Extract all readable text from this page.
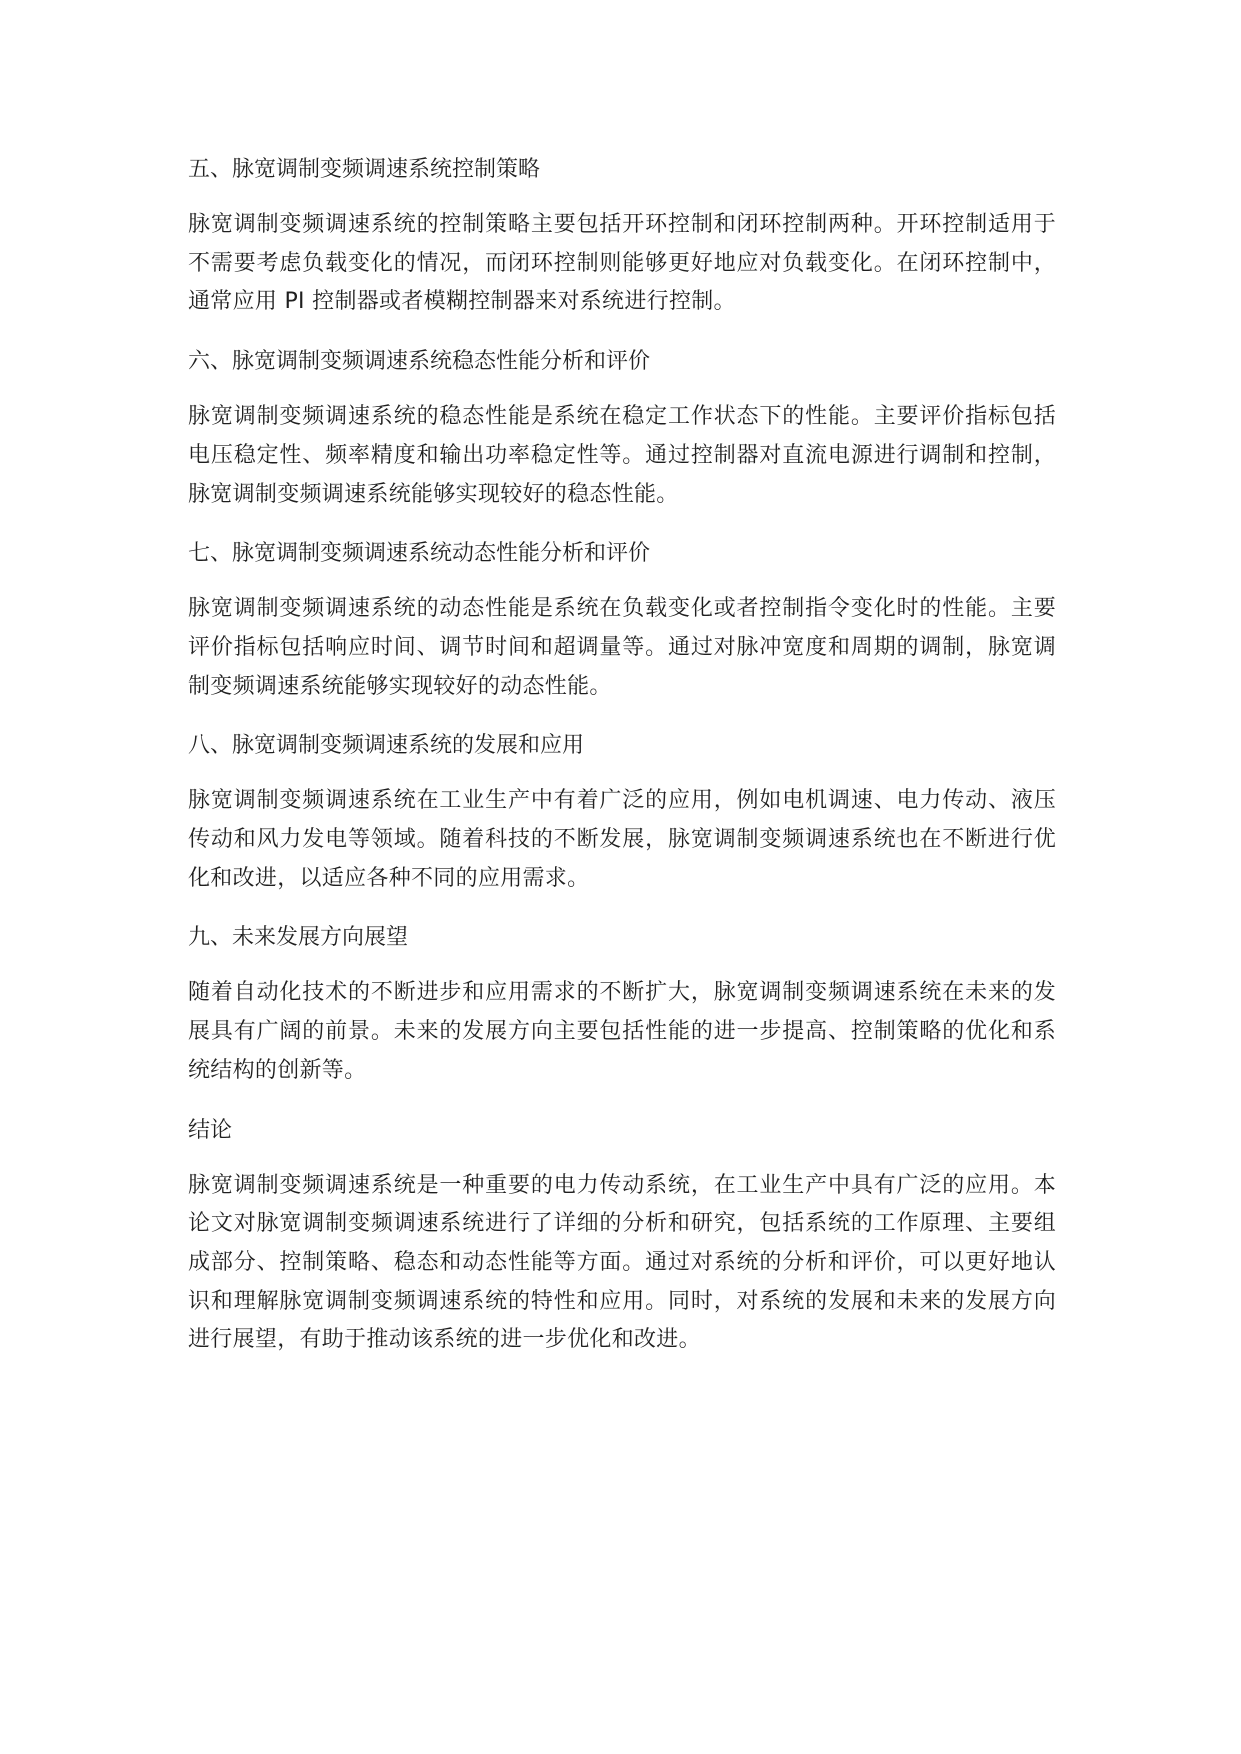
五、脉宽调制变频调速系统控制策略

脉宽调制变频调速系统的控制策略主要包括开环控制和闭环控制两种。开环控制适用于不需要考虑负载变化的情况，而闭环控制则能够更好地应对负载变化。在闭环控制中，通常应用 PI 控制器或者模糊控制器来对系统进行控制。

六、脉宽调制变频调速系统稳态性能分析和评价

脉宽调制变频调速系统的稳态性能是系统在稳定工作状态下的性能。主要评价指标包括电压稳定性、频率精度和输出功率稳定性等。通过控制器对直流电源进行调制和控制，脉宽调制变频调速系统能够实现较好的稳态性能。

七、脉宽调制变频调速系统动态性能分析和评价

脉宽调制变频调速系统的动态性能是系统在负载变化或者控制指令变化时的性能。主要评价指标包括响应时间、调节时间和超调量等。通过对脉冲宽度和周期的调制，脉宽调制变频调速系统能够实现较好的动态性能。

八、脉宽调制变频调速系统的发展和应用

脉宽调制变频调速系统在工业生产中有着广泛的应用，例如电机调速、电力传动、液压传动和风力发电等领域。随着科技的不断发展，脉宽调制变频调速系统也在不断进行优化和改进，以适应各种不同的应用需求。

九、未来发展方向展望

随着自动化技术的不断进步和应用需求的不断扩大，脉宽调制变频调速系统在未来的发展具有广阔的前景。未来的发展方向主要包括性能的进一步提高、控制策略的优化和系统结构的创新等。

结论

脉宽调制变频调速系统是一种重要的电力传动系统，在工业生产中具有广泛的应用。本论文对脉宽调制变频调速系统进行了详细的分析和研究，包括系统的工作原理、主要组成部分、控制策略、稳态和动态性能等方面。通过对系统的分析和评价，可以更好地认识和理解脉宽调制变频调速系统的特性和应用。同时，对系统的发展和未来的发展方向进行展望，有助于推动该系统的进一步优化和改进。
